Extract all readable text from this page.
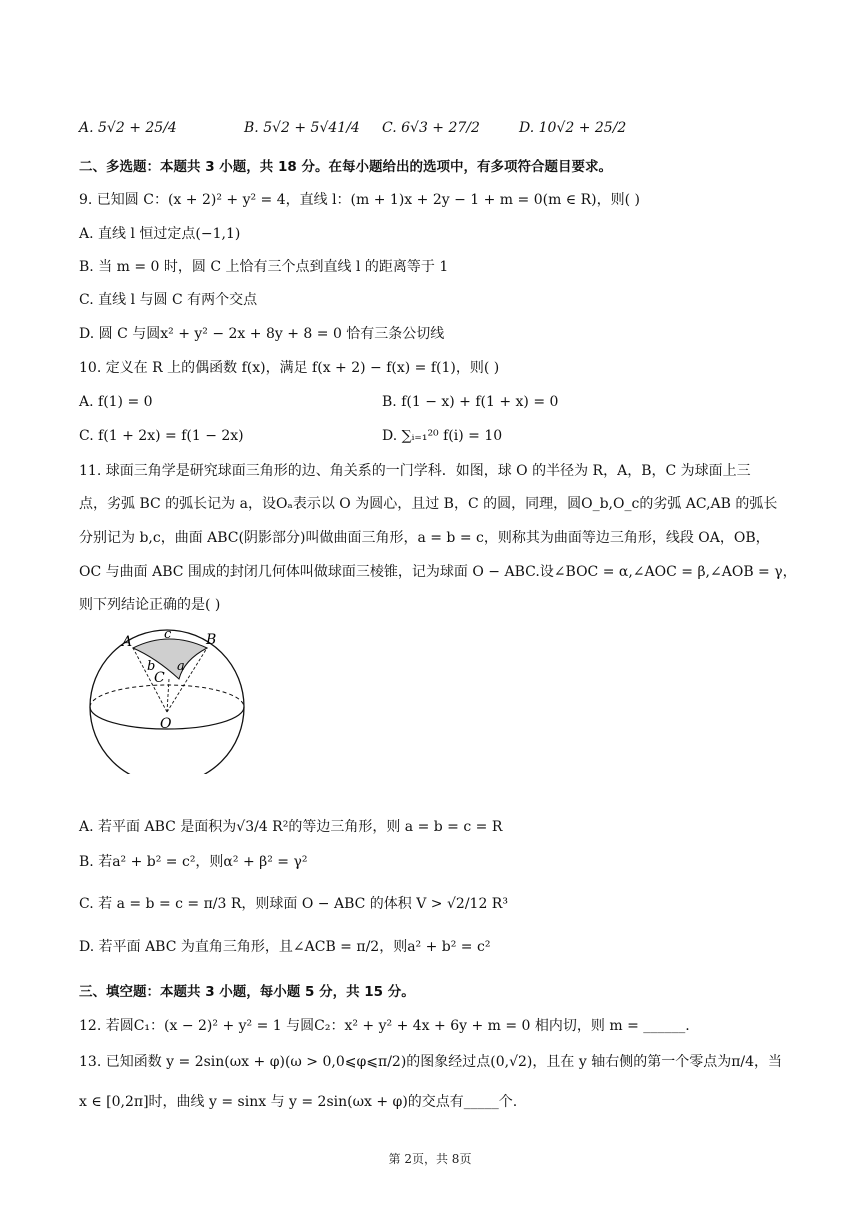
A. 5√2 + 25/4	B. 5√2 + 5√41/4 C. 6√3 + 27/2	D. 10√2 + 25/2
二、多选题：本题共 3 小题，共 18 分。在每小题给出的选项中，有多项符合题目要求。
9. 已知圆 C：(x + 2)² + y² = 4，直线 l：(m + 1)x + 2y − 1 + m = 0(m ∈ R)，则( )
A. 直线 l 恒过定点(−1,1)
B. 当 m = 0 时，圆 C 上恰有三个点到直线 l 的距离等于 1
C. 直线 l 与圆 C 有两个交点
D. 圆 C 与圆x² + y² − 2x + 8y + 8 = 0 恰有三条公切线
10. 定义在 R 上的偶函数 f(x)，满足 f(x + 2) − f(x) = f(1)，则( )
A. f(1) = 0	B. f(1 − x) + f(1 + x) = 0
C. f(1 + 2x) = f(1 − 2x)	D. ∑ᵢ₌₁²⁰ f(i) = 10
11. 球面三角学是研究球面三角形的边、角关系的一门学科．如图，球 O 的半径为 R，A，B，C 为球面上三
点，劣弧 BC 的弧长记为 a，设Oₐ表示以 O 为圆心，且过 B，C 的圆，同理，圆O_b,O_c的劣弧 AC,AB 的弧长
分别记为 b,c，曲面 ABC(阴影部分)叫做曲面三角形，a = b = c，则称其为曲面等边三角形，线段 OA，OB，
OC 与曲面 ABC 围成的封闭几何体叫做球面三棱锥，记为球面 O − ABC.设∠BOC = α,∠AOC = β,∠AOB = γ，
则下列结论正确的是( )
A	B
c
b a
C
O
A. 若平面 ABC 是面积为√3/4 R²的等边三角形，则 a = b = c = R
B. 若a² + b² = c²，则α² + β² = γ²
C. 若 a = b = c = π/3 R，则球面 O − ABC 的体积 V > √2/12 R³
D. 若平面 ABC 为直角三角形，且∠ACB = π/2，则a² + b² = c²
三、填空题：本题共 3 小题，每小题 5 分，共 15 分。
12. 若圆C₁：(x − 2)² + y² = 1 与圆C₂：x² + y² + 4x + 6y + m = 0 相内切，则 m = ______.
13. 已知函数 y = 2sin(ωx + φ)(ω > 0,0⩽φ⩽π/2)的图象经过点(0,√2)，且在 y 轴右侧的第一个零点为π/4，当
x ∈ [0,2π]时，曲线 y = sinx 与 y = 2sin(ωx + φ)的交点有_____个.
第 2页，共 8页
